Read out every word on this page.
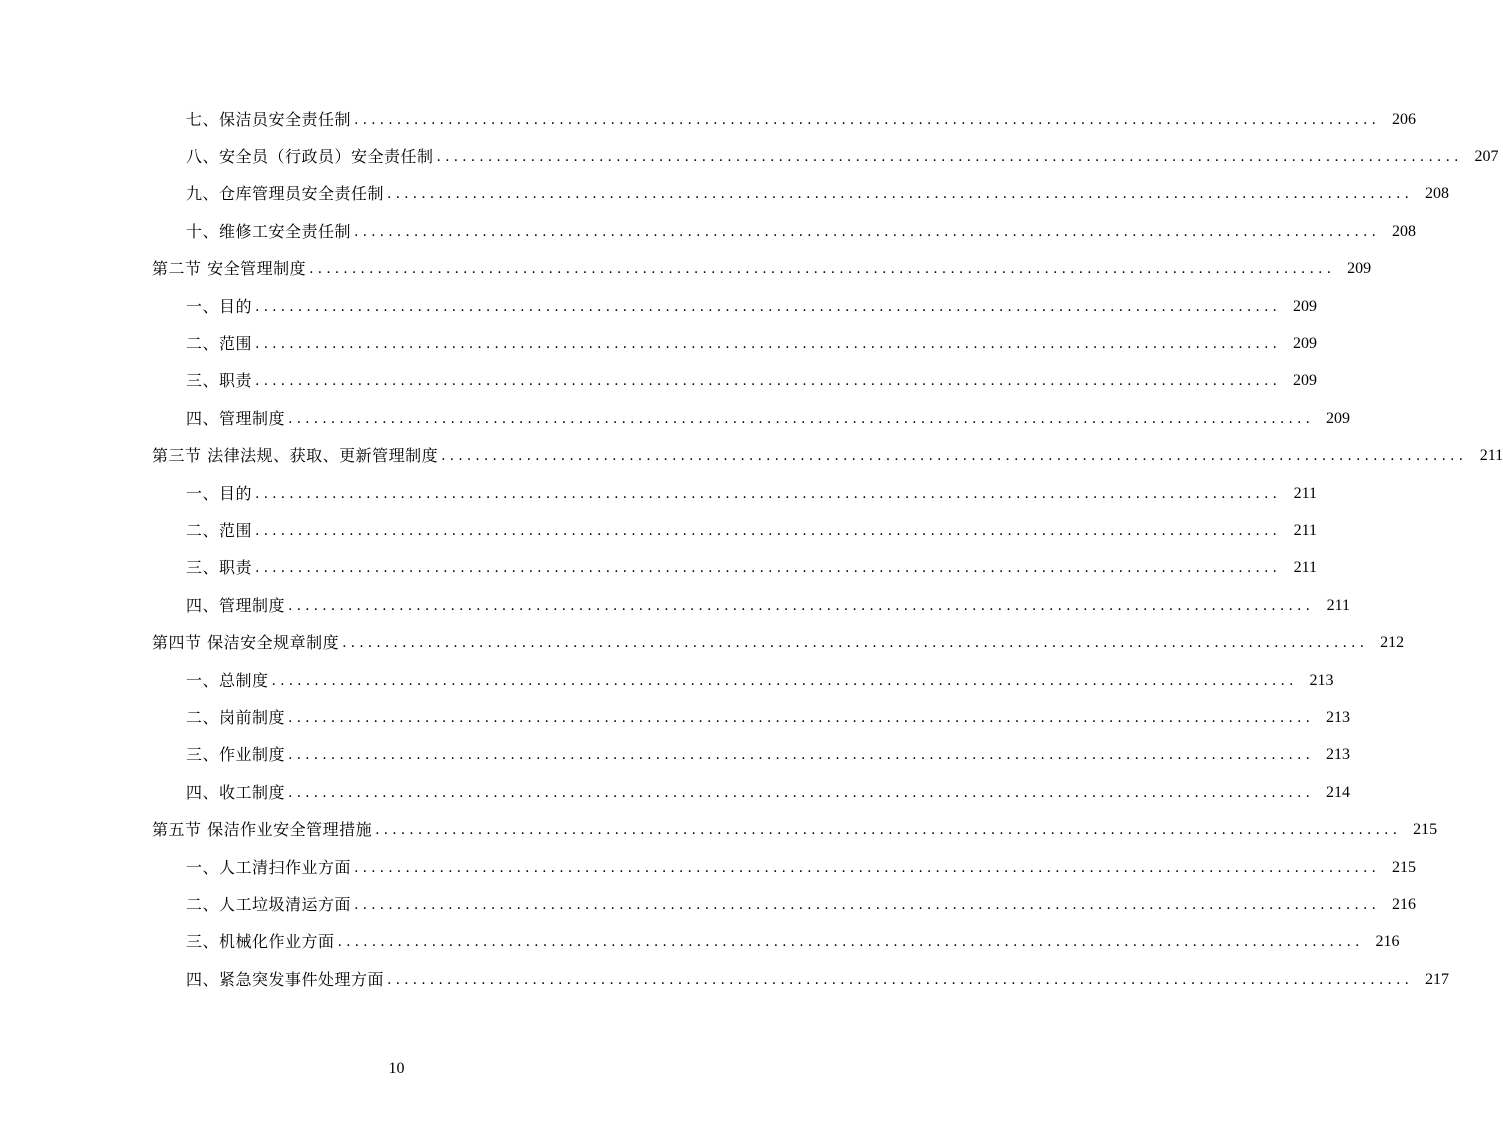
七、保洁员安全责任制 ........................................................................................................................ 206
八、安全员（行政员）安全责任制 ........................................................................................................................ 207
九、仓库管理员安全责任制 ........................................................................................................................ 208
十、维修工安全责任制 ........................................................................................................................ 208
第二节 安全管理制度 ........................................................................................................................ 209
一、目的 ........................................................................................................................ 209
二、范围 ........................................................................................................................ 209
三、职责 ........................................................................................................................ 209
四、管理制度 ........................................................................................................................ 209
第三节 法律法规、获取、更新管理制度 ........................................................................................................................ 211
一、目的 ........................................................................................................................ 211
二、范围 ........................................................................................................................ 211
三、职责 ........................................................................................................................ 211
四、管理制度 ........................................................................................................................ 211
第四节 保洁安全规章制度 ........................................................................................................................ 212
一、总制度 ........................................................................................................................ 213
二、岗前制度 ........................................................................................................................ 213
三、作业制度 ........................................................................................................................ 213
四、收工制度 ........................................................................................................................ 214
第五节 保洁作业安全管理措施 ........................................................................................................................ 215
一、人工清扫作业方面 ........................................................................................................................ 215
二、人工垃圾清运方面 ........................................................................................................................ 216
三、机械化作业方面 ........................................................................................................................ 216
四、紧急突发事件处理方面 ........................................................................................................................ 217
10
